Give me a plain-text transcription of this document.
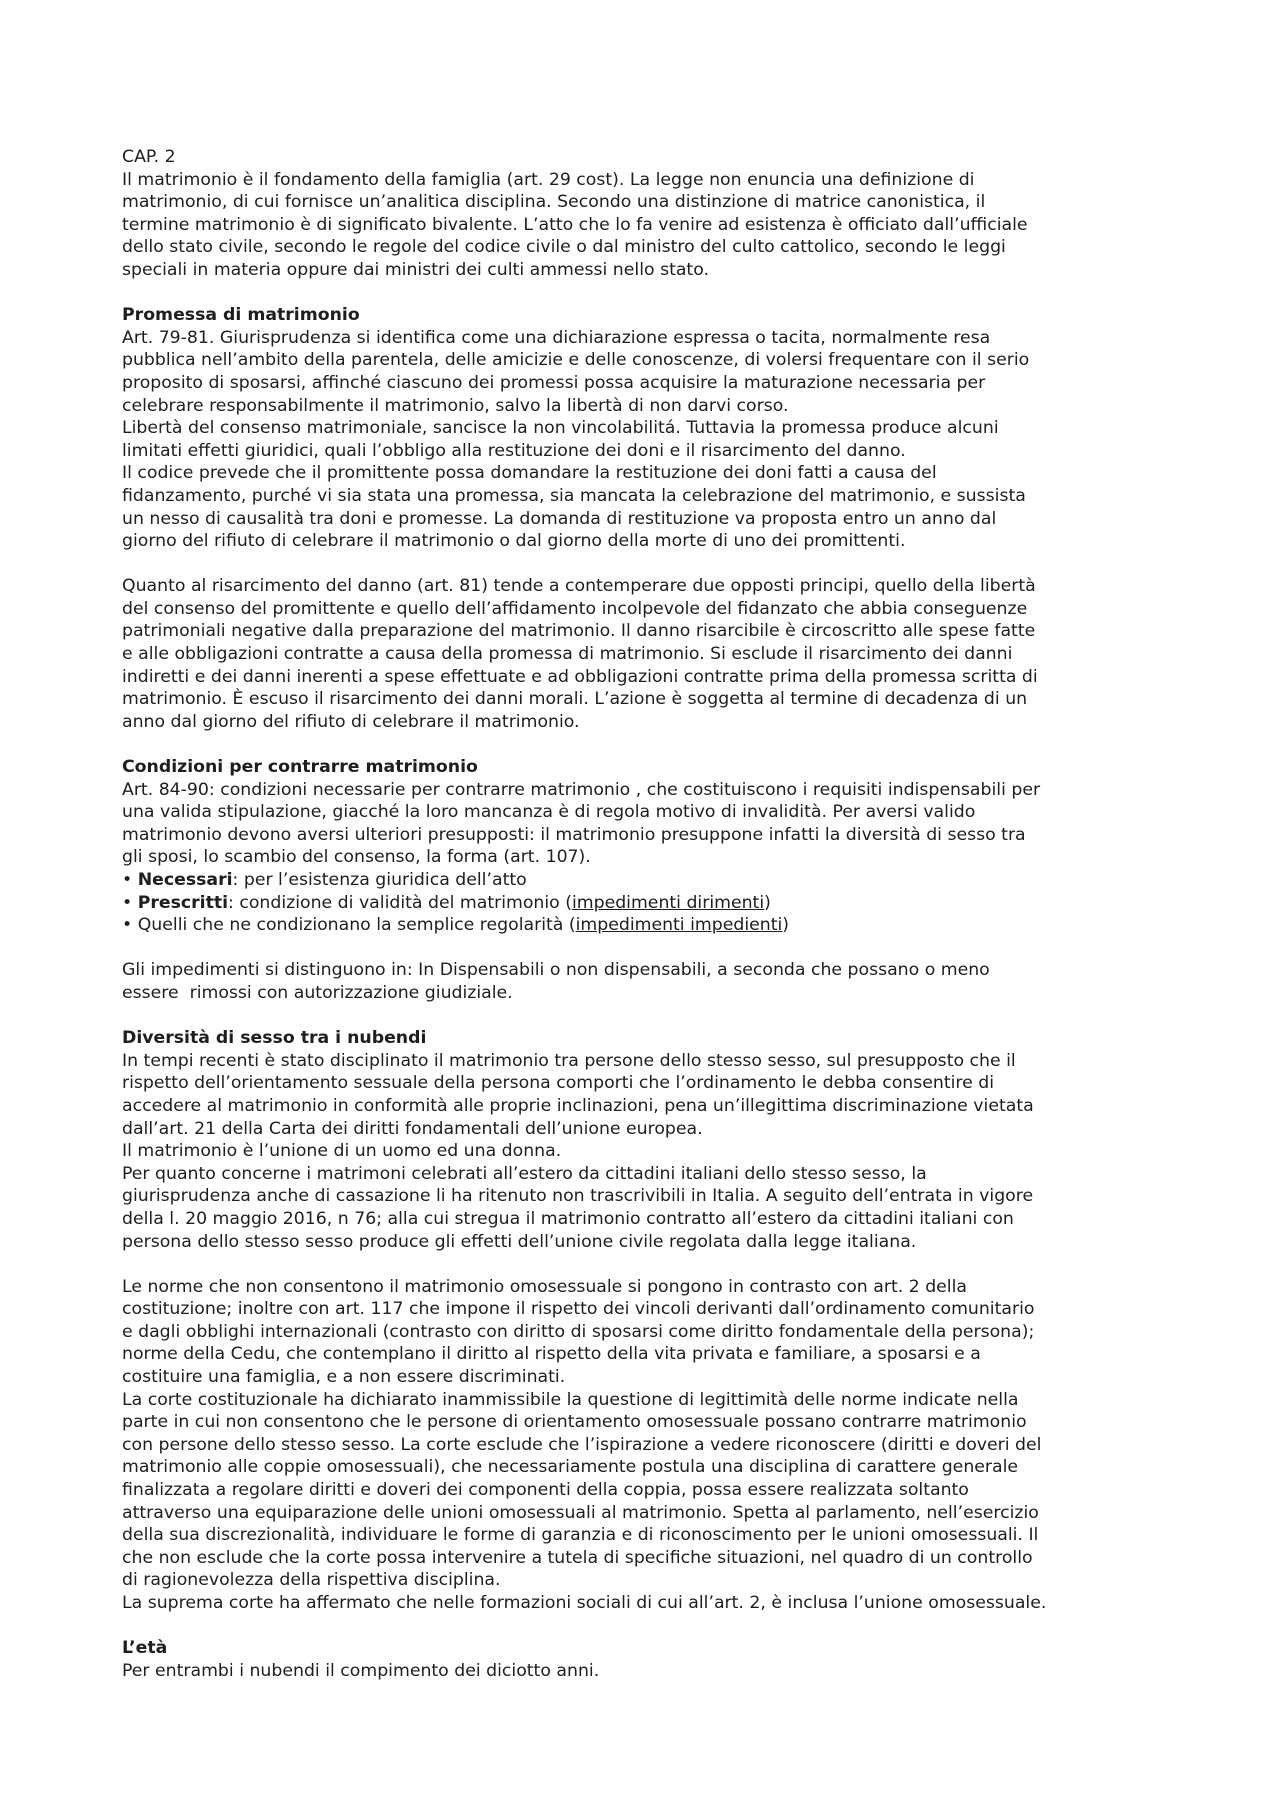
CAP. 2
Il matrimonio è il fondamento della famiglia (art. 29 cost). La legge non enuncia una definizione di
matrimonio, di cui fornisce un’analitica disciplina. Secondo una distinzione di matrice canonistica, il
termine matrimonio è di significato bivalente. L’atto che lo fa venire ad esistenza è officiato dall’ufficiale
dello stato civile, secondo le regole del codice civile o dal ministro del culto cattolico, secondo le leggi
speciali in materia oppure dai ministri dei culti ammessi nello stato.
Promessa di matrimonio
Art. 79-81. Giurisprudenza si identifica come una dichiarazione espressa o tacita, normalmente resa
pubblica nell’ambito della parentela, delle amicizie e delle conoscenze, di volersi frequentare con il serio
proposito di sposarsi, affinché ciascuno dei promessi possa acquisire la maturazione necessaria per
celebrare responsabilmente il matrimonio, salvo la libertà di non darvi corso.
Libertà del consenso matrimoniale, sancisce la non vincolabilitá. Tuttavia la promessa produce alcuni
limitati effetti giuridici, quali l’obbligo alla restituzione dei doni e il risarcimento del danno.
Il codice prevede che il promittente possa domandare la restituzione dei doni fatti a causa del
fidanzamento, purché vi sia stata una promessa, sia mancata la celebrazione del matrimonio, e sussista
un nesso di causalità tra doni e promesse. La domanda di restituzione va proposta entro un anno dal
giorno del rifiuto di celebrare il matrimonio o dal giorno della morte di uno dei promittenti.
Quanto al risarcimento del danno (art. 81) tende a contemperare due opposti principi, quello della libertà
del consenso del promittente e quello dell’affidamento incolpevole del fidanzato che abbia conseguenze
patrimoniali negative dalla preparazione del matrimonio. Il danno risarcibile è circoscritto alle spese fatte
e alle obbligazioni contratte a causa della promessa di matrimonio. Si esclude il risarcimento dei danni
indiretti e dei danni inerenti a spese effettuate e ad obbligazioni contratte prima della promessa scritta di
matrimonio. È escuso il risarcimento dei danni morali. L’azione è soggetta al termine di decadenza di un
anno dal giorno del rifiuto di celebrare il matrimonio.
Condizioni per contrarre matrimonio
Art. 84-90: condizioni necessarie per contrarre matrimonio , che costituiscono i requisiti indispensabili per
una valida stipulazione, giacché la loro mancanza è di regola motivo di invalidità. Per aversi valido
matrimonio devono aversi ulteriori presupposti: il matrimonio presuppone infatti la diversità di sesso tra
gli sposi, lo scambio del consenso, la forma (art. 107).
• Necessari: per l’esistenza giuridica dell’atto
• Prescritti: condizione di validità del matrimonio (impedimenti dirimenti)
• Quelli che ne condizionano la semplice regolarità (impedimenti impedienti)
Gli impedimenti si distinguono in: In Dispensabili o non dispensabili, a seconda che possano o meno
essere  rimossi con autorizzazione giudiziale.
Diversità di sesso tra i nubendi
In tempi recenti è stato disciplinato il matrimonio tra persone dello stesso sesso, sul presupposto che il
rispetto dell’orientamento sessuale della persona comporti che l’ordinamento le debba consentire di
accedere al matrimonio in conformità alle proprie inclinazioni, pena un’illegittima discriminazione vietata
dall’art. 21 della Carta dei diritti fondamentali dell’unione europea.
Il matrimonio è l’unione di un uomo ed una donna.
Per quanto concerne i matrimoni celebrati all’estero da cittadini italiani dello stesso sesso, la
giurisprudenza anche di cassazione li ha ritenuto non trascrivibili in Italia. A seguito dell’entrata in vigore
della l. 20 maggio 2016, n 76; alla cui stregua il matrimonio contratto all’estero da cittadini italiani con
persona dello stesso sesso produce gli effetti dell’unione civile regolata dalla legge italiana.
Le norme che non consentono il matrimonio omosessuale si pongono in contrasto con art. 2 della
costituzione; inoltre con art. 117 che impone il rispetto dei vincoli derivanti dall’ordinamento comunitario
e dagli obblighi internazionali (contrasto con diritto di sposarsi come diritto fondamentale della persona);
norme della Cedu, che contemplano il diritto al rispetto della vita privata e familiare, a sposarsi e a
costituire una famiglia, e a non essere discriminati.
La corte costituzionale ha dichiarato inammissibile la questione di legittimità delle norme indicate nella
parte in cui non consentono che le persone di orientamento omosessuale possano contrarre matrimonio
con persone dello stesso sesso. La corte esclude che l’ispirazione a vedere riconoscere (diritti e doveri del
matrimonio alle coppie omosessuali), che necessariamente postula una disciplina di carattere generale
finalizzata a regolare diritti e doveri dei componenti della coppia, possa essere realizzata soltanto
attraverso una equiparazione delle unioni omosessuali al matrimonio. Spetta al parlamento, nell’esercizio
della sua discrezionalità, individuare le forme di garanzia e di riconoscimento per le unioni omosessuali. Il
che non esclude che la corte possa intervenire a tutela di specifiche situazioni, nel quadro di un controllo
di ragionevolezza della rispettiva disciplina.
La suprema corte ha affermato che nelle formazioni sociali di cui all’art. 2, è inclusa l’unione omosessuale.
L’età
Per entrambi i nubendi il compimento dei diciotto anni.
